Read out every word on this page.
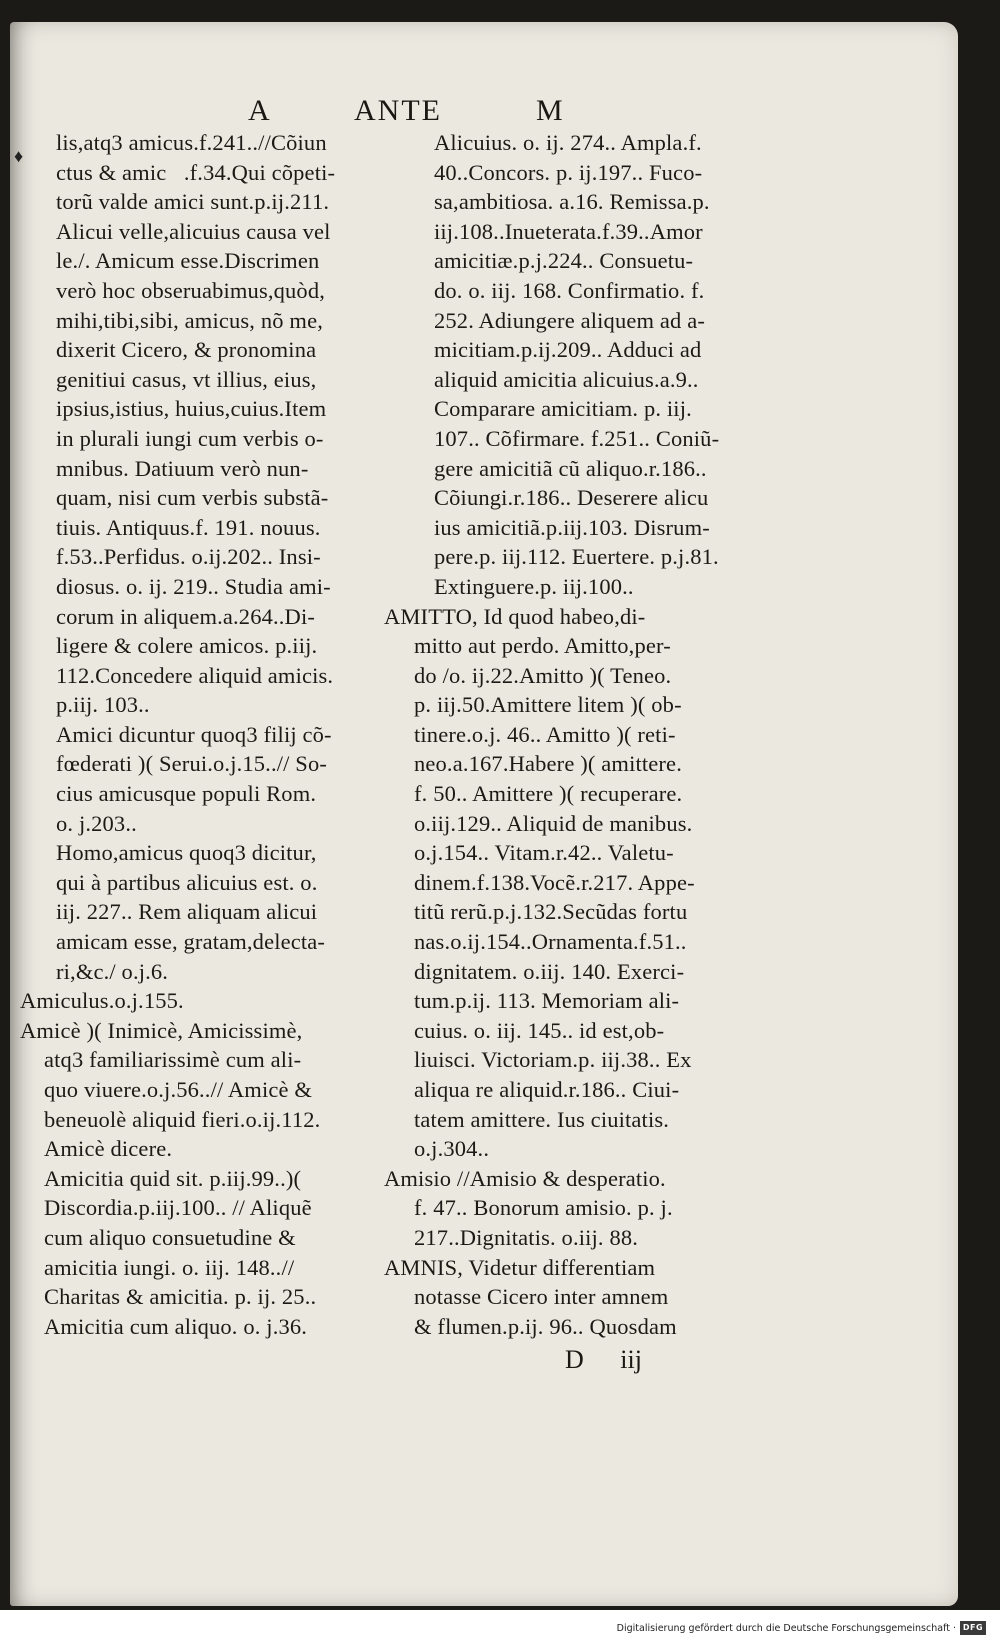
A	ANTE	M
♦
lis,atq3 amicus.f.241..//Cõiun
ctus & amicᷞ.f.34.Qui cõpeti-
torũ valde amici sunt.p.ij.211.
Alicui velle,alicuius causa vel
le./. Amicum esse.Discrimen
verò hoc obseruabimus,quòd,
mihi,tibi,sibi, amicus, nõ me,
dixerit Cicero, & pronomina
genitiui casus, vt illius, eius,
ipsius,istius, huius,cuius.Item
in plurali iungi cum verbis o-
mnibus. Datiuum verò nun-
quam, nisi cum verbis substã-
tiuis. Antiquus.f. 191. nouus.
f.53..Perfidus. o.ij.202.. Insi-
diosus. o. ij. 219.. Studia ami-
corum in aliquem.a.264..Di-
ligere & colere amicos. p.iij.
112.Concedere aliquid amicis.
p.iij. 103..
Amici dicuntur quoq3 filij cõ-
fœderati )( Serui.o.j.15..// So-
cius amicusque populi Rom.
o. j.203..
Homo,amicus quoq3 dicitur,
qui à partibus alicuius est. o.
iij. 227.. Rem aliquam alicui
amicam esse, gratam,delecta-
ri,&c./ o.j.6.
Amiculus.o.j.155.
Amicè )( Inimicè, Amicissimè,
atq3 familiarissimè cum ali-
quo viuere.o.j.56..// Amicè &
beneuolè aliquid fieri.o.ij.112.
Amicè dicere.
Amicitia quid sit. p.iij.99..)(
Discordia.p.iij.100.. // Aliquẽ
cum aliquo consuetudine &
amicitia iungi. o. iij. 148..//
Charitas & amicitia. p. ij. 25..
Amicitia cum aliquo. o. j.36.
Alicuius. o. ij. 274.. Ampla.f.
40..Concors. p. ij.197.. Fuco-
sa,ambitiosa. a.16. Remissa.p.
iij.108..Inueterata.f.39..Amor
amicitiæ.p.j.224.. Consuetu-
do. o. iij. 168. Confirmatio. f.
252. Adiungere aliquem ad a-
micitiam.p.ij.209.. Adduci ad
aliquid amicitia alicuius.a.9..
Comparare amicitiam. p. iij.
107.. Cõfirmare. f.251.. Coniũ-
gere amicitiã cũ aliquo.r.186..
Cõiungi.r.186.. Deserere alicu
ius amicitiã.p.iij.103. Disrum-
pere.p. iij.112. Euertere. p.j.81.
Extinguere.p. iij.100..
AMITTO, Id quod habeo,di-
mitto aut perdo. Amitto,per-
do /o. ij.22.Amitto )( Teneo.
p. iij.50.Amittere litem )( ob-
tinere.o.j. 46.. Amitto )( reti-
neo.a.167.Habere )( amittere.
f. 50.. Amittere )( recuperare.
o.iij.129.. Aliquid de manibus.
o.j.154.. Vitam.r.42.. Valetu-
dinem.f.138.Vocẽ.r.217. Appe-
titũ rerũ.p.j.132.Secũdas fortu
nas.o.ij.154..Ornamenta.f.51..
dignitatem. o.iij. 140. Exerci-
tum.p.ij. 113. Memoriam ali-
cuius. o. iij. 145.. id est,ob-
liuisci. Victoriam.p. iij.38.. Ex
aliqua re aliquid.r.186.. Ciui-
tatem amittere. Ius ciuitatis.
o.j.304..
Amisio //Amisio & desperatio.
f. 47.. Bonorum amisio. p. j.
217..Dignitatis. o.iij. 88.
AMNIS, Videtur differentiam
notasse Cicero inter amnem
& flumen.p.ij. 96.. Quosdam
D iij
Digitalisierung gefördert durch die Deutsche Forschungsgemeinschaft · DFG
